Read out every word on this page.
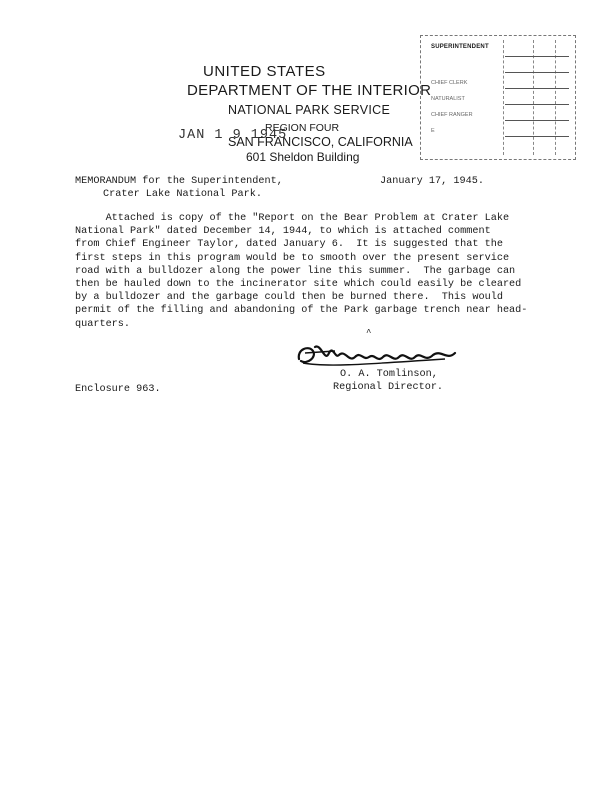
UNITED STATES
DEPARTMENT OF THE INTERIOR
NATIONAL PARK SERVICE
REGION FOUR
SAN FRANCISCO, CALIFORNIA
601 Sheldon Building
JAN 1 9 1945
SUPERINTENDENT
CHIEF CLERK
NATURALIST
CHIEF RANGER
E
MEMORANDUM for the Superintendent,
Crater Lake National Park.
January 17, 1945.
Attached is copy of the "Report on the Bear Problem at Crater Lake
National Park" dated December 14, 1944, to which is attached comment
from Chief Engineer Taylor, dated January 6.  It is suggested that the
first steps in this program would be to smooth over the present service
road with a bulldozer along the power line this summer.  The garbage can
then be hauled down to the incinerator site which could easily be cleared
by a bulldozer and the garbage could then be burned there.  This would
permit of the filling and abandoning of the Park garbage trench near head-
quarters.
^
O. A. Tomlinson,
Regional Director.
Enclosure 963.
